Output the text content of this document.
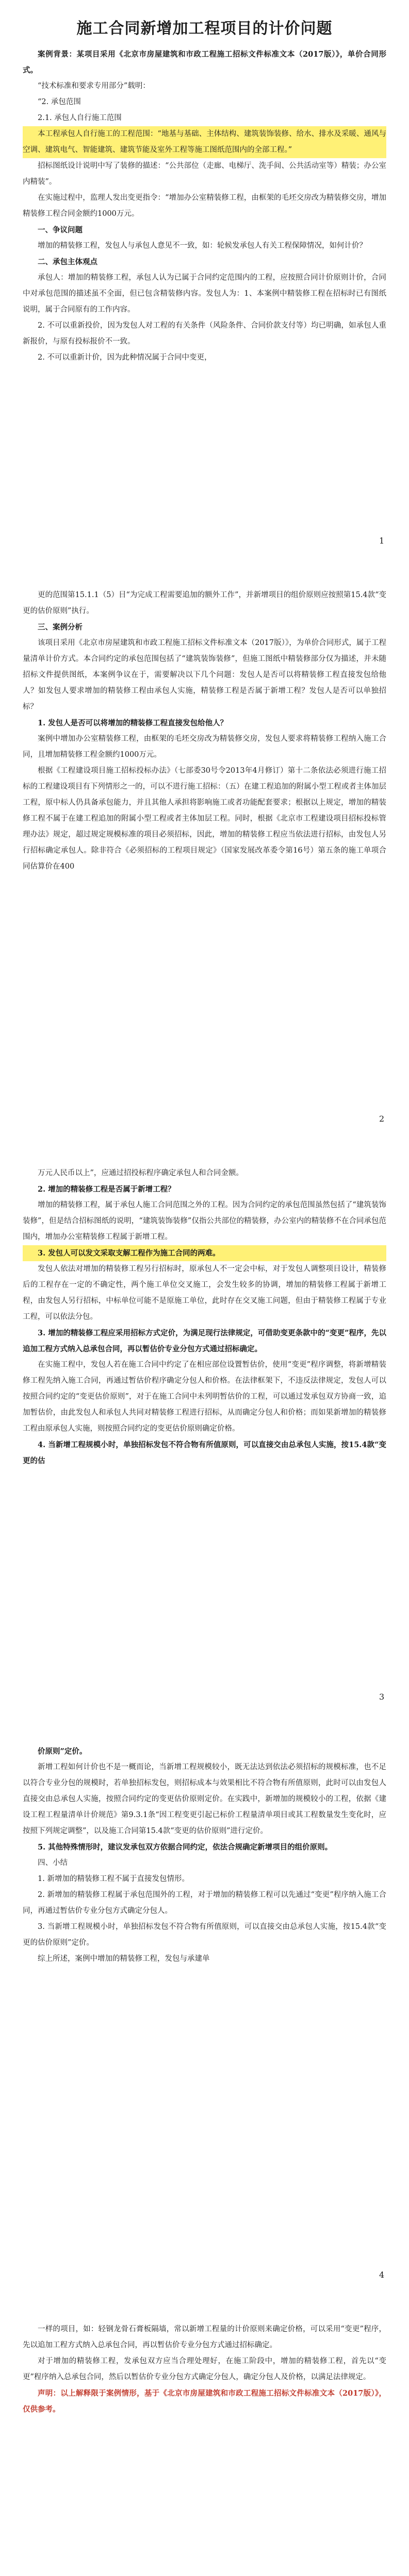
施工合同新增加工程项目的计价问题

案例背景：某项目采用《北京市房屋建筑和市政工程施工招标文件标准文本（2017版）》，单价合同形式。

“技术标准和要求专用部分”载明：

“2. 承包范围

2.1. 承包人自行施工范围

本工程承包人自行施工的工程范围：“地基与基础、主体结构、建筑装饰装修、给水、排水及采暖、通风与空调、建筑电气、智能建筑、建筑节能及室外工程等施工图纸范围内的全部工程。”

招标图纸设计说明中写了装修的描述：“公共部位（走廊、电梯厅、洗手间、公共活动室等）精装；办公室内精装”。

在实施过程中，监理人发出变更指令：“增加办公室精装修工程，由框架的毛坯交房改为精装修交房，增加精装修工程合同金额约1000万元。

一、争议问题

增加的精装修工程，发包人与承包人意见不一致，如：轮候发承包人有关工程保障情况，如何计价？

二、承包主体观点

承包人：增加的精装修工程，承包人认为已属于合同约定范围内的工程，应按照合同计价原则计价，合同中对承包范围的描述虽不全面，但已包含精装修内容。发包人为：1、本案例中精装修工程在招标时已有图纸说明，属于合同原有的工作内容。

2. 不可以重新投价，因为发包人对工程的有关条件（风险条件、合同价款支付等）均已明确，如承包人重新报价，与原有投标报价不一致。

2. 不可以重新计价，因为此种情况属于合同中变更，

1

更的范围第15.1.1（5）目“为完成工程需要追加的额外工作”，并新增项目的组价原则应按照第15.4款“变更的估价原则”执行。

三、案例分析

该项目采用《北京市房屋建筑和市政工程施工招标文件标准文本（2017版）》，为单价合同形式，属于工程量清单计价方式。本合同约定的承包范围包括了“建筑装饰装修”，但施工图纸中精装修部分仅为描述，并未随招标文件提供图纸，本案例争议在于，需要解决以下几个问题：发包人是否可以将精装修工程直接发包给他人？如发包人要求增加的精装修工程由承包人实施，精装修工程是否属于新增工程？发包人是否可以单独招标？

1. 发包人是否可以将增加的精装修工程直接发包给他人？

案例中增加办公室精装修工程，由框架的毛坯交房改为精装修交房，发包人要求将精装修工程纳入施工合同，且增加精装修工程金额约1000万元。

根据《工程建设项目施工招标投标办法》（七部委30号令2013年4月修订）第十二条依法必须进行施工招标的工程建设项目有下列情形之一的，可以不进行施工招标：（五）在建工程追加的附属小型工程或者主体加层工程，原中标人仍具备承包能力，并且其他人承担将影响施工或者功能配套要求；根据以上规定，增加的精装修工程不属于在建工程追加的附属小型工程或者主体加层工程。同时，根据《北京市工程建设项目招标投标管理办法》规定，超过规定规模标准的项目必须招标，因此，增加的精装修工程应当依法进行招标，由发包人另行招标确定承包人。除非符合《必须招标的工程项目规定》（国家发展改革委令第16号）第五条的施工单项合同估算价在400

2

万元人民币以上”，应通过招投标程序确定承包人和合同金额。

2. 增加的精装修工程是否属于新增工程？

增加的精装修工程，属于承包人施工合同范围之外的工程。因为合同约定的承包范围虽然包括了“建筑装饰装修”，但是结合招标图纸的说明，“建筑装饰装修”仅指公共部位的精装修，办公室内的精装修不在合同承包范围内，增加办公室精装修工程属于新增工程。

3. 发包人可以发文采取支解工程作为施工合同的两难。

发包人依法对增加的精装修工程另行招标时，原承包人不一定会中标，对于发包人调整项目设计，精装修后的工程存在一定的不确定性，两个施工单位交叉施工，会发生较多的协调，增加的精装修工程属于新增工程，由发包人另行招标，中标单位可能不是原施工单位，此时存在交叉施工问题，但由于精装修工程属于专业工程，可以依法分包。

3. 增加的精装修工程应采用招标方式定价，为满足现行法律规定，可借助变更条款中的“变更”程序，先以追加工程方式纳入总承包合同，再以暂估价专业分包方式通过招标确定。

在实施工程中，发包人若在施工合同中约定了在相应部位设置暂估价，使用“变更”程序调整，将新增精装修工程先纳入施工合同，再通过暂估价程序确定分包人和价格。在法律框架下，不违反法律规定，发包人可以按照合同约定的“变更估价原则”，对于在施工合同中未列明暂估价的工程，可以通过发承包双方协商一致，追加暂估价，由此发包人和承包人共同对精装修工程进行招标，从而确定分包人和价格；而如果新增加的精装修工程由原承包人实施，则按照合同约定的变更估价原则确定价格。

4. 当新增工程规模小时，单独招标发包不符合物有所值原则，可以直接交由总承包人实施，按15.4款“变更的估

3

价原则”定价。

新增工程如何计价也不是一概而论，当新增工程规模较小，既无法达到依法必须招标的规模标准，也不足以符合专业分包的规模时，若单独招标发包，则招标成本与效果相比不符合物有所值原则，此时可以由发包人直接交由总承包人实施，按照合同约定的变更估价原则定价。在实践中，新增加的规模较小的工程，依据《建设工程工程量清单计价规范》第9.3.1条“因工程变更引起已标价工程量清单项目或其工程数量发生变化时，应按照下列规定调整”，以及施工合同第15.4款“变更的估价原则”进行定价。

5. 其他特殊情形时，建议发承包双方依据合同约定，依法合规确定新增项目的组价原则。

四、小结

1. 新增加的精装修工程不属于直接发包情形。

2. 新增加的精装修工程属于承包范围外的工程，对于增加的精装修工程可以先通过“变更”程序纳入施工合同，再通过暂估价专业分包方式确定分包人。

3. 当新增工程规模小时，单独招标发包不符合物有所值原则，可以直接交由总承包人实施，按15.4款“变更的估价原则”定价。

综上所述，案例中增加的精装修工程，发包与承建单

4

一样的项目，如：轻钢龙骨石膏板隔墙，常以新增工程量的计价原则来确定价格，可以采用“变更”程序，先以追加工程方式纳入总承包合同，再以暂估价专业分包方式通过招标确定。

对于增加的精装修工程，发承包双方应当合理处理好，在施工阶段中，增加的精装修工程，首先以“变更”程序纳入总承包合同，然后以暂估价专业分包方式确定分包人，确定分包人及价格，以满足法律规定。

声明：以上解释限于案例情形，基于《北京市房屋建筑和市政工程施工招标文件标准文本（2017版）》，仅供参考。
